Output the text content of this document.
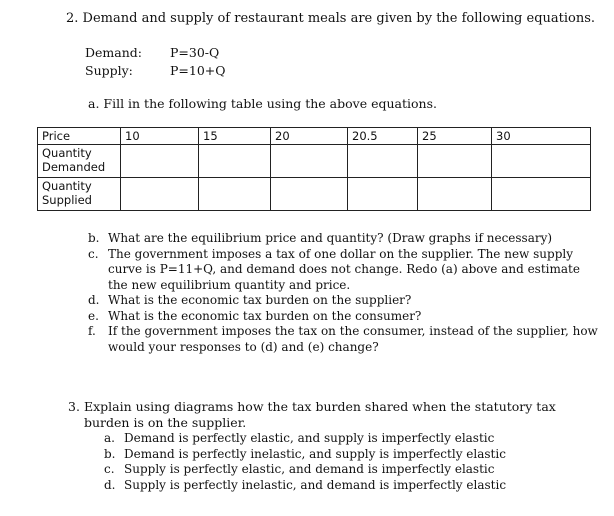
2. Demand and supply of restaurant meals are given by the following equations.
Demand: P=30-Q
Supply:	P=10+Q
a. Fill in the following table using the above equations.
Price	10	15	20	20.5	25	30
Quantity Demanded						
Quantity Supplied						
b. What are the equilibrium price and quantity? (Draw graphs if necessary)
c. The government imposes a tax of one dollar on the supplier. The new supply curve is P=11+Q, and demand does not change. Redo (a) above and estimate the new equilibrium quantity and price.
d. What is the economic tax burden on the supplier?
e. What is the economic tax burden on the consumer?
f.	If the government imposes the tax on the consumer, instead of the supplier, how would your responses to (d) and (e) change?
3. Explain using diagrams how the tax burden shared when the statutory tax burden is on the supplier.
a. Demand is perfectly elastic, and supply is imperfectly elastic
b. Demand is perfectly inelastic, and supply is imperfectly elastic
c. Supply is perfectly elastic, and demand is imperfectly elastic
d. Supply is perfectly inelastic, and demand is imperfectly elastic
